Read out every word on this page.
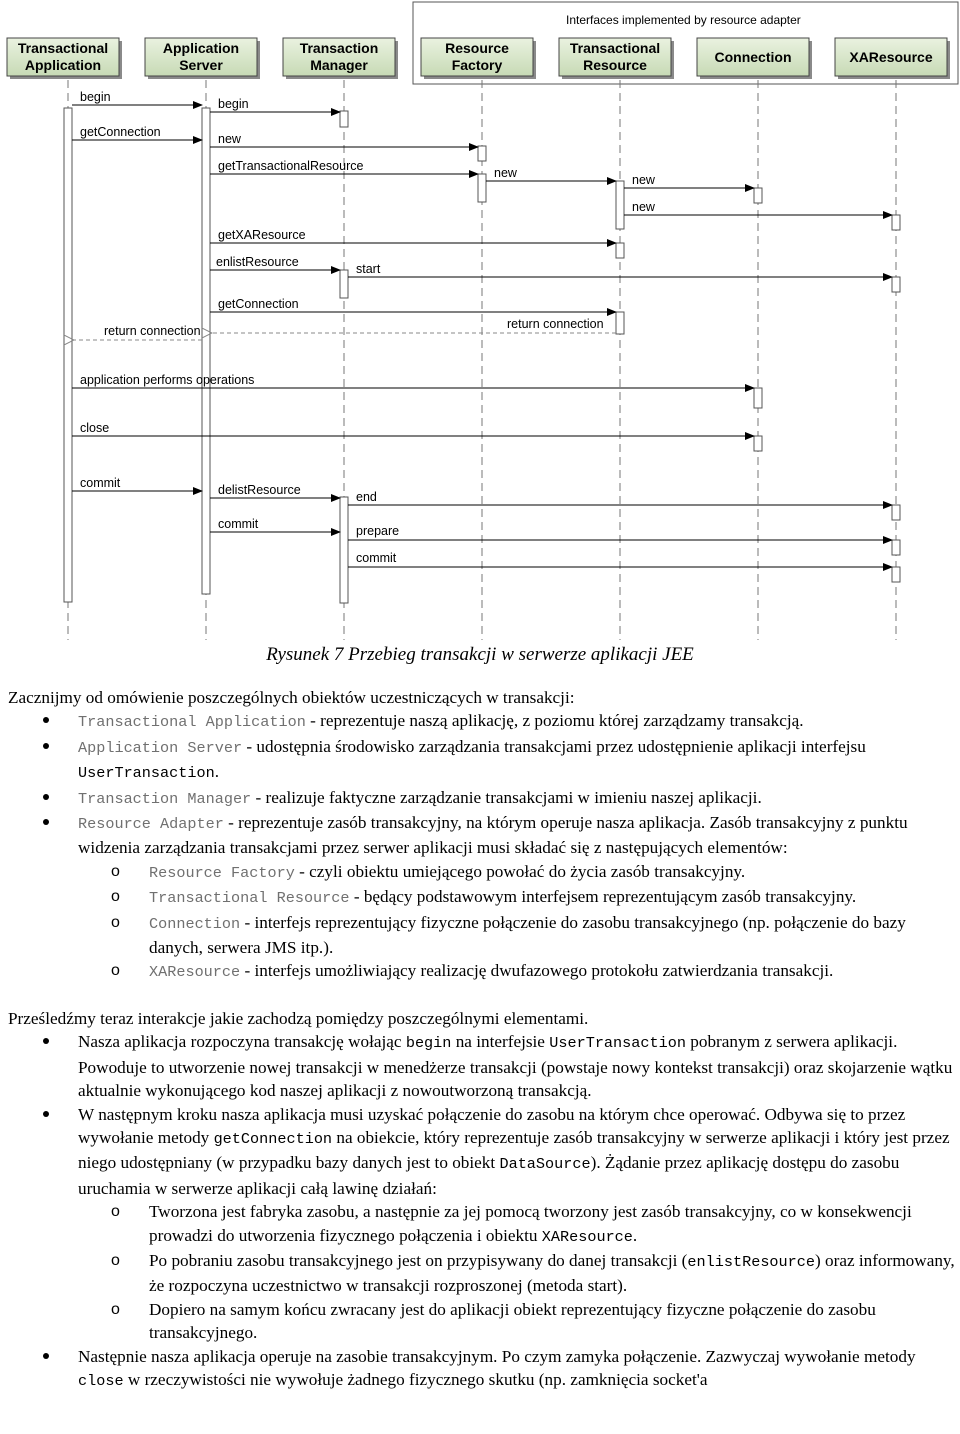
Interfaces implemented by resource adapter
Transactional
Application
Application
Server
Transaction
Manager
Resource
Factory
Transactional
Resource	Connection	XAResource
begin	begin
getConnection	new
getTransactionalResource	new	new
new
getXAResource
enlistResource	start
getConnection
return connection	return connection
application performs operations
close
commit	delistResource	end
commit	prepare
commit
Rysunek 7 Przebieg transakcji w serwerze aplikacji JEE

Zacznijmy od omówienie poszczególnych obiektów uczestniczących w transakcji:

Transactional Application - reprezentuje naszą aplikację, z poziomu której zarządzamy transakcją.
Application Server - udostępnia środowisko zarządzania transakcjami przez udostępnienie aplikacji interfejsu UserTransaction.
Transaction Manager - realizuje faktyczne zarządzanie transakcjami w imieniu naszej aplikacji.
Resource Adapter - reprezentuje zasób transakcyjny, na którym operuje nasza aplikacja. Zasób transakcyjny z punktu widzenia zarządzania transakcjami przez serwer aplikacji musi składać się z następujących elementów:
o Resource Factory - czyli obiektu umiejącego powołać do życia zasób transakcyjny.
o Transactional Resource - będący podstawowym interfejsem reprezentującym zasób transakcyjny.
o Connection - interfejs reprezentujący fizyczne połączenie do zasobu transakcyjnego (np. połączenie do bazy danych, serwera JMS itp.).
o XAResource - interfejs umożliwiający realizację dwufazowego protokołu zatwierdzania transakcji.

Prześledźmy teraz interakcje jakie zachodzą pomiędzy poszczególnymi elementami.

Nasza aplikacja rozpoczyna transakcję wołając begin na interfejsie UserTransaction pobranym z serwera aplikacji. Powoduje to utworzenie nowej transakcji w menedżerze transakcji (powstaje nowy kontekst transakcji) oraz skojarzenie wątku aktualnie wykonującego kod naszej aplikacji z nowoutworzoną transakcją.
W następnym kroku nasza aplikacja musi uzyskać połączenie do zasobu na którym chce operować. Odbywa się to przez wywołanie metody getConnection na obiekcie, który reprezentuje zasób transakcyjny w serwerze aplikacji i który jest przez niego udostępniany (w przypadku bazy danych jest to obiekt DataSource). Żądanie przez aplikację dostępu do zasobu uruchamia w serwerze aplikacji całą lawinę działań:
o Tworzona jest fabryka zasobu, a następnie za jej pomocą tworzony jest zasób transakcyjny, co w konsekwencji prowadzi do utworzenia fizycznego połączenia i obiektu XAResource.
o Po pobraniu zasobu transakcyjnego jest on przypisywany do danej transakcji (enlistResource) oraz informowany, że rozpoczyna uczestnictwo w transakcji rozproszonej (metoda start).
o Dopiero na samym końcu zwracany jest do aplikacji obiekt reprezentujący fizyczne połączenie do zasobu transakcyjnego.
Następnie nasza aplikacja operuje na zasobie transakcyjnym. Po czym zamyka połączenie. Zazwyczaj wywołanie metody close w rzeczywistości nie wywołuje żadnego fizycznego skutku (np. zamknięcia socket'a
